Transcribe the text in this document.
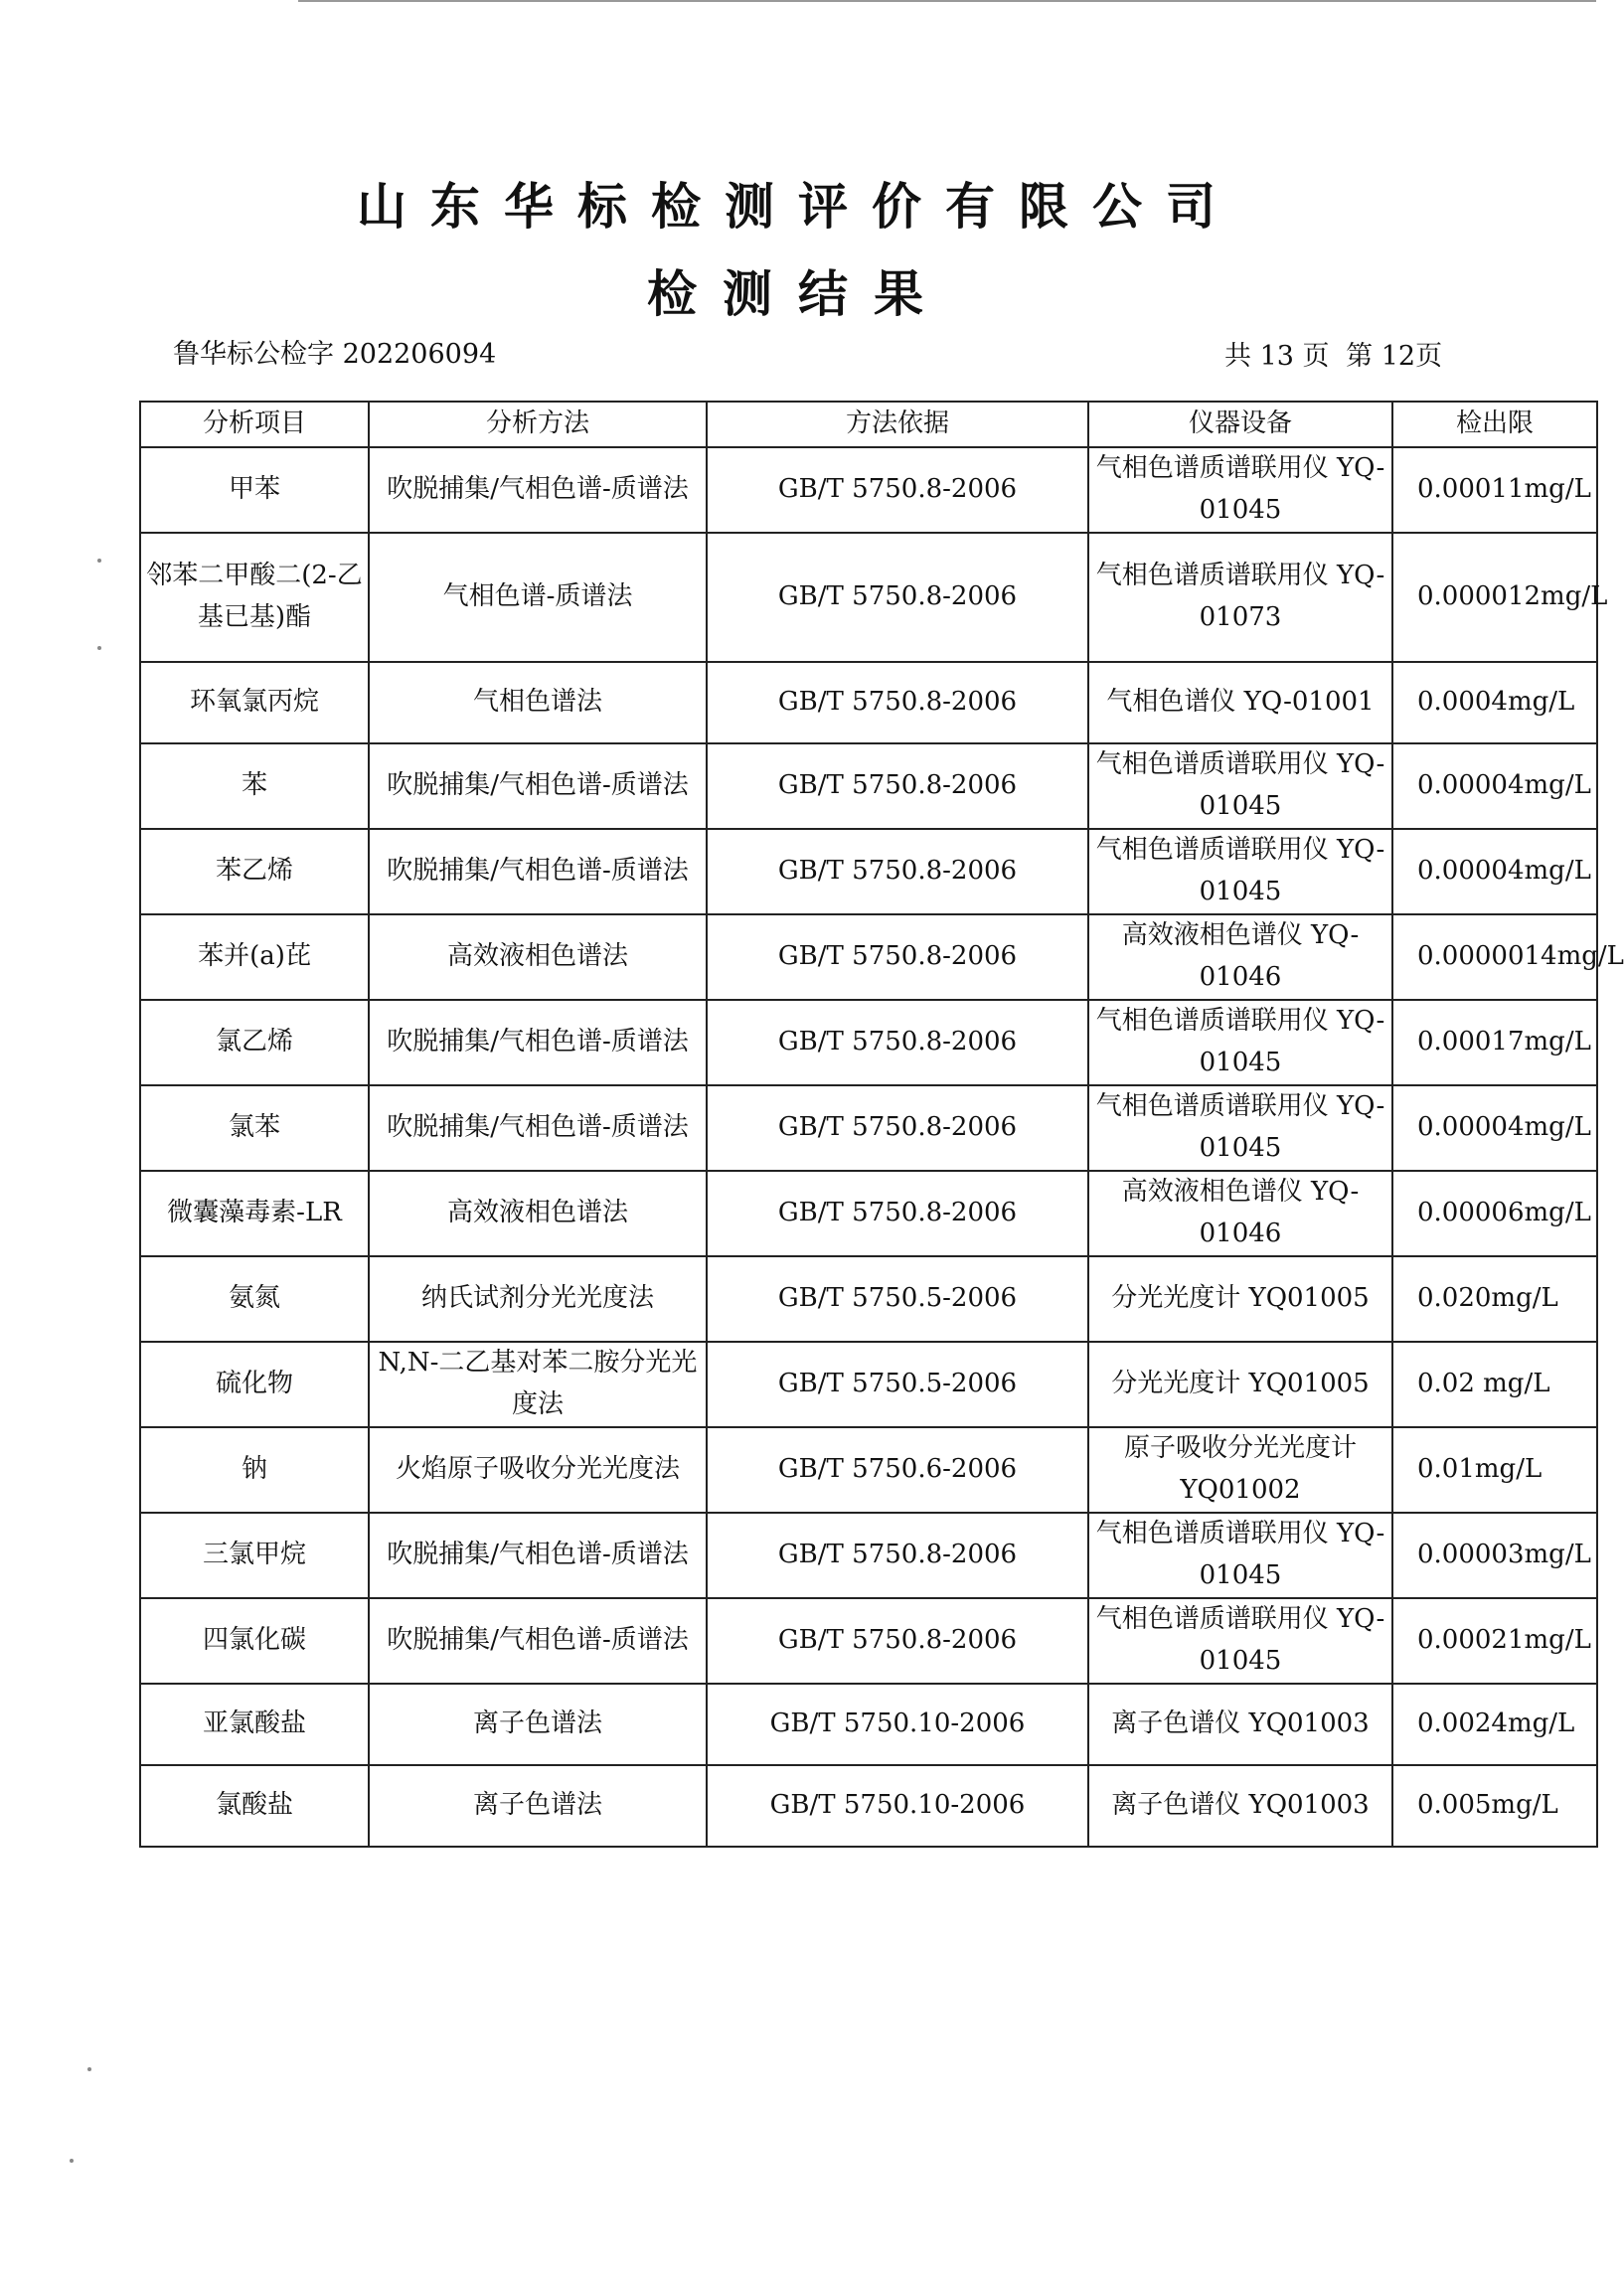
山东华标检测评价有限公司
检测结果
鲁华标公检字 202206094	共 13 页 第 12页
分析项目	分析方法	方法依据	仪器设备	检出限
甲苯	吹脱捕集/气相色谱-质谱法	GB/T 5750.8-2006	气相色谱质谱联用仪 YQ-01045	0.00011mg/L
邻苯二甲酸二(2-乙基已基)酯	气相色谱-质谱法	GB/T 5750.8-2006	气相色谱质谱联用仪 YQ-01073	0.000012mg/L
环氧氯丙烷	气相色谱法	GB/T 5750.8-2006	气相色谱仪 YQ-01001	0.0004mg/L
苯	吹脱捕集/气相色谱-质谱法	GB/T 5750.8-2006	气相色谱质谱联用仪 YQ-01045	0.00004mg/L
苯乙烯	吹脱捕集/气相色谱-质谱法	GB/T 5750.8-2006	气相色谱质谱联用仪 YQ-01045	0.00004mg/L
苯并(a)芘	高效液相色谱法	GB/T 5750.8-2006	高效液相色谱仪 YQ-01046	0.0000014mg/L
氯乙烯	吹脱捕集/气相色谱-质谱法	GB/T 5750.8-2006	气相色谱质谱联用仪 YQ-01045	0.00017mg/L
氯苯	吹脱捕集/气相色谱-质谱法	GB/T 5750.8-2006	气相色谱质谱联用仪 YQ-01045	0.00004mg/L
微囊藻毒素-LR	高效液相色谱法	GB/T 5750.8-2006	高效液相色谱仪 YQ-01046	0.00006mg/L
氨氮	纳氏试剂分光光度法	GB/T 5750.5-2006	分光光度计 YQ01005	0.020mg/L
硫化物	N,N-二乙基对苯二胺分光光度法	GB/T 5750.5-2006	分光光度计 YQ01005	0.02 mg/L
钠	火焰原子吸收分光光度法	GB/T 5750.6-2006	原子吸收分光光度计 YQ01002	0.01mg/L
三氯甲烷	吹脱捕集/气相色谱-质谱法	GB/T 5750.8-2006	气相色谱质谱联用仪 YQ-01045	0.00003mg/L
四氯化碳	吹脱捕集/气相色谱-质谱法	GB/T 5750.8-2006	气相色谱质谱联用仪 YQ-01045	0.00021mg/L
亚氯酸盐	离子色谱法	GB/T 5750.10-2006	离子色谱仪 YQ01003	0.0024mg/L
氯酸盐	离子色谱法	GB/T 5750.10-2006	离子色谱仪 YQ01003	0.005mg/L
